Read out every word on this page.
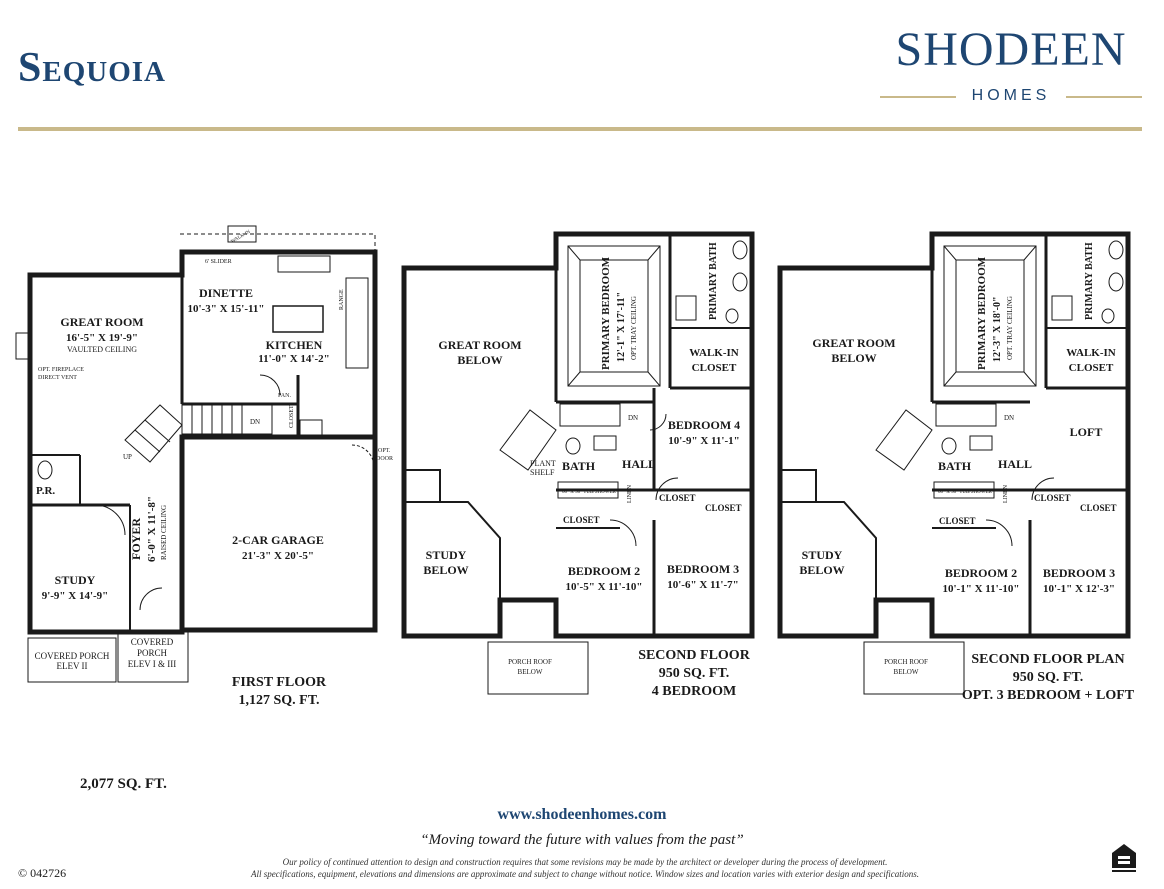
Sequoia	SHODEEN
HOMES
GREAT ROOM
16'-5" X 19'-9"
VAULTED CEILING
OPT. FIREPLACE
DIRECT VENT
DINETTE
10'-3" X 15'-11"
KITCHEN
11'-0" X 14'-2"
6' SLIDER
RANGE
WALK-IN
PAN.
CLOSET
P.R.
FOYER 6'-0" X 11'-8" RAISED CEILING
STUDY
9'-9" X 14'-9"
2-CAR GARAGE
21'-3" X 20'-5"
OPT.
DOOR
DN
UP
COVERED PORCH
ELEV II
COVERED
PORCH
ELEV I & III
FIRST FLOOR
1,127 SQ. FT.
GREAT ROOM
BELOW	PRIMARY BEDROOM 12'-1" X 17'-11" OPT. TRAY CEILING
PRIMARY BATH
WALK-IN
CLOSET
BEDROOM 4
10'-9" X 11'-1"
BATH HALL
PLANT
SHELF
60" X 30" TUB/SHOWER LINEN
CLOSET
CLOSET
CLOSET
BEDROOM 2
10'-5" X 11'-10"
BEDROOM 3
10'-6" X 11'-7"
STUDY
BELOW
PORCH ROOF
BELOW
DN
SECOND FLOOR
950 SQ. FT.
4 BEDROOM
GREAT ROOM
BELOW	PRIMARY BEDROOM 12'-3" X 18'-0" OPT. TRAY CEILING
PRIMARY BATH
WALK-IN
CLOSET
LOFT
BATH HALL
60" X 30" TUB/SHOWER LINEN
CLOSET
CLOSET
CLOSET
BEDROOM 2
10'-1" X 11'-10"
BEDROOM 3
10'-1" X 12'-3"
STUDY
BELOW
PORCH ROOF
BELOW
DN
SECOND FLOOR PLAN
950 SQ. FT.
OPT. 3 BEDROOM + LOFT
2,077 SQ. FT.
www.shodeenhomes.com
“Moving toward the future with values from the past”
Our policy of continued attention to design and construction requires that some revisions may be made by the architect or developer during the process of development.
All specifications, equipment, elevations and dimensions are approximate and subject to change without notice. Window sizes and location varies with exterior design and specifications.
© 042726
